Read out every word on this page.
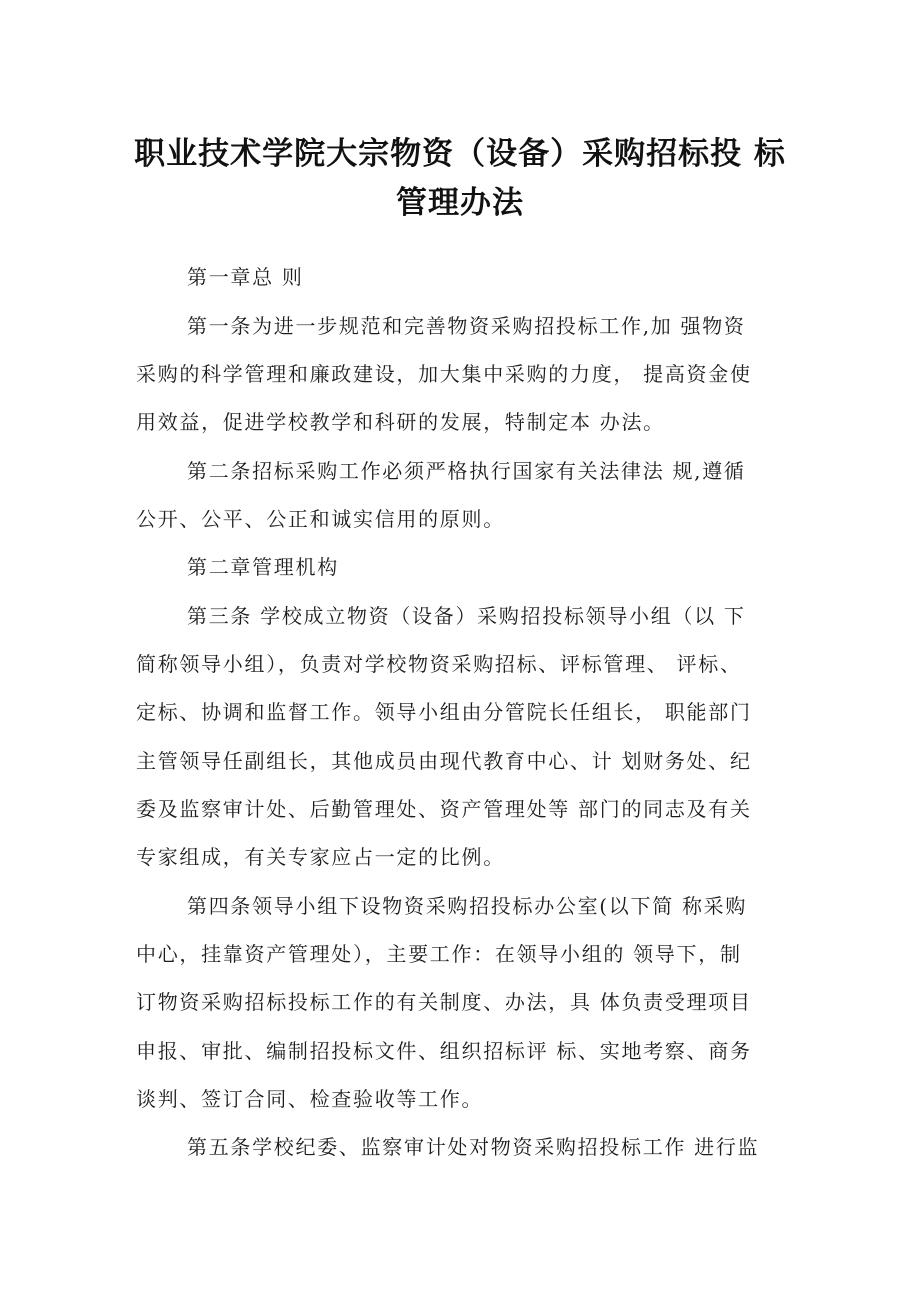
职业技术学院大宗物资（设备）采购招标投 标
管理办法
第一章总 则
第一条为进一步规范和完善物资采购招投标工作,加 强物资
采购的科学管理和廉政建设，加大集中采购的力度， 提高资金使
用效益，促进学校教学和科研的发展，特制定本 办法。
第二条招标采购工作必须严格执行国家有关法律法 规,遵循
公开、公平、公正和诚实信用的原则。
第二章管理机构
第三条 学校成立物资（设备）采购招投标领导小组（以 下
简称领导小组），负责对学校物资采购招标、评标管理、 评标、
定标、协调和监督工作。领导小组由分管院长任组长， 职能部门
主管领导任副组长，其他成员由现代教育中心、计 划财务处、纪
委及监察审计处、后勤管理处、资产管理处等 部门的同志及有关
专家组成，有关专家应占一定的比例。
第四条领导小组下设物资采购招投标办公室(以下简 称采购
中心，挂靠资产管理处），主要工作：在领导小组的 领导下，制
订物资采购招标投标工作的有关制度、办法，具 体负责受理项目
申报、审批、编制招投标文件、组织招标评 标、实地考察、商务
谈判、签订合同、检查验收等工作。
第五条学校纪委、监察审计处对物资采购招投标工作 进行监
